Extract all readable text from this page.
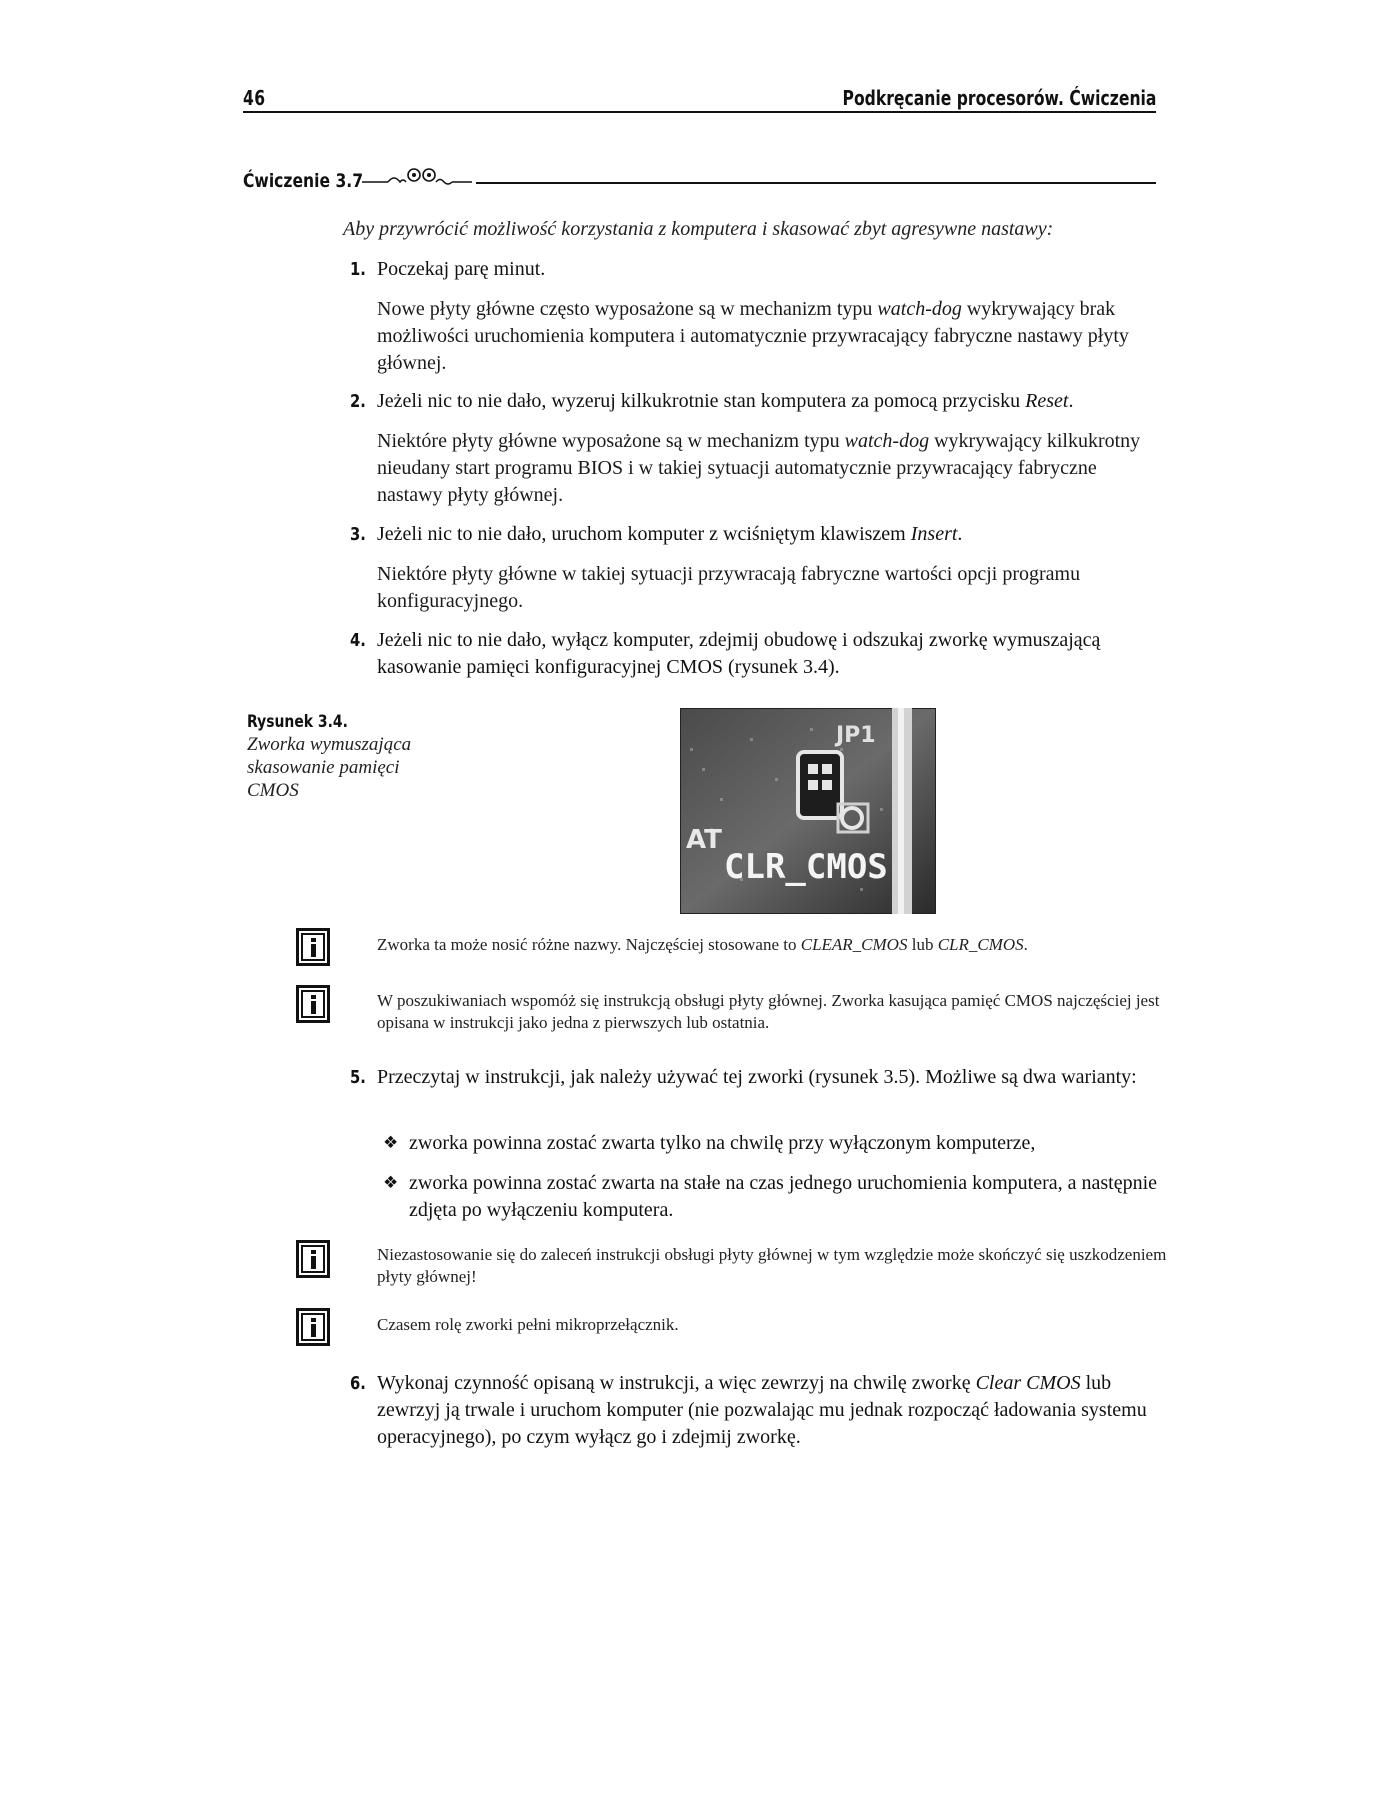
46	Podkręcanie procesorów. Ćwiczenia
Ćwiczenie 3.7
Aby przywrócić możliwość korzystania z komputera i skasować zbyt agresywne nastawy:
1. Poczekaj parę minut.
Nowe płyty główne często wyposażone są w mechanizm typu watch-dog wykrywający brak możliwości uruchomienia komputera i automatycznie przywracający fabryczne nastawy płyty głównej.
2. Jeżeli nic to nie dało, wyzeruj kilkukrotnie stan komputera za pomocą przycisku Reset.
Niektóre płyty główne wyposażone są w mechanizm typu watch-dog wykrywający kilkukrotny nieudany start programu BIOS i w takiej sytuacji automatycznie przywracający fabryczne nastawy płyty głównej.
3. Jeżeli nic to nie dało, uruchom komputer z wciśniętym klawiszem Insert.
Niektóre płyty główne w takiej sytuacji przywracają fabryczne wartości opcji programu konfiguracyjnego.
4. Jeżeli nic to nie dało, wyłącz komputer, zdejmij obudowę i odszukaj zworkę wymuszającą kasowanie pamięci konfiguracyjnej CMOS (rysunek 3.4).
Rysunek 3.4.
Zworka wymuszająca skasowanie pamięci CMOS
JP1
AT
CLR_CMOS
Zworka ta może nosić różne nazwy. Najczęściej stosowane to CLEAR_CMOS lub CLR_CMOS.
W poszukiwaniach wspomóż się instrukcją obsługi płyty głównej. Zworka kasująca pamięć CMOS najczęściej jest opisana w instrukcji jako jedna z pierwszych lub ostatnia.
5. Przeczytaj w instrukcji, jak należy używać tej zworki (rysunek 3.5). Możliwe są dwa warianty:
❖ zworka powinna zostać zwarta tylko na chwilę przy wyłączonym komputerze,
❖ zworka powinna zostać zwarta na stałe na czas jednego uruchomienia komputera, a następnie zdjęta po wyłączeniu komputera.
Niezastosowanie się do zaleceń instrukcji obsługi płyty głównej w tym względzie może skończyć się uszkodzeniem płyty głównej!
Czasem rolę zworki pełni mikroprzełącznik.
6. Wykonaj czynność opisaną w instrukcji, a więc zewrzyj na chwilę zworkę Clear CMOS lub zewrzyj ją trwale i uruchom komputer (nie pozwalając mu jednak rozpocząć ładowania systemu operacyjnego), po czym wyłącz go i zdejmij zworkę.
